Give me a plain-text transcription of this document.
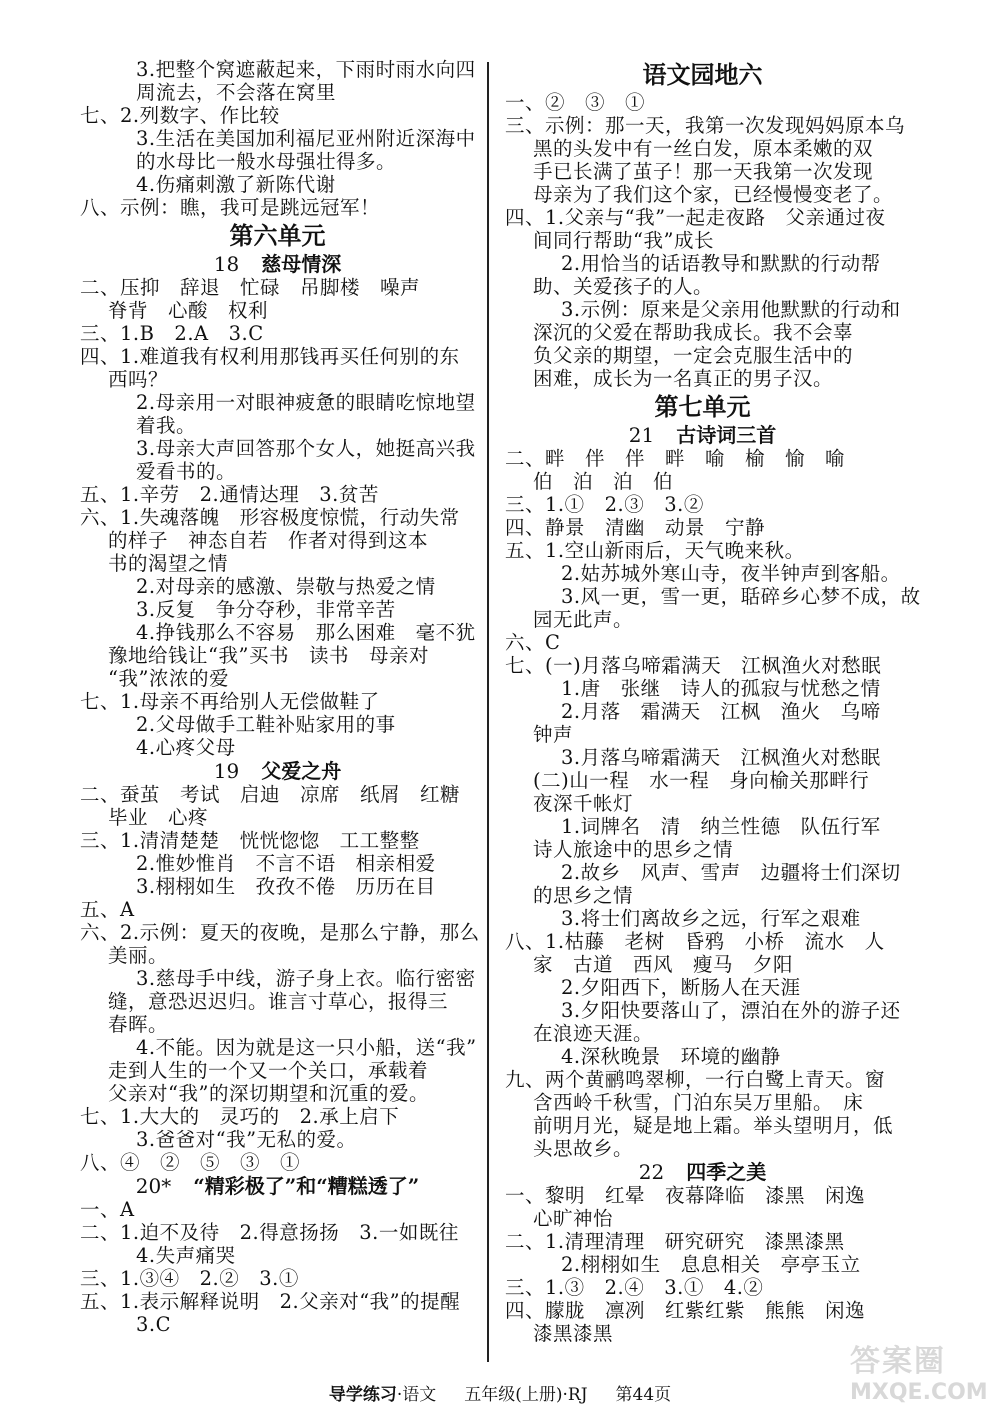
3.把整个窝遮蔽起来，下雨时雨水向四
周流去，不会落在窝里
七、2.列数字、作比较
3.生活在美国加利福尼亚州附近深海中
的水母比一般水母强壮得多。
4.伤痛刺激了新陈代谢
八、示例：瞧，我可是跳远冠军！
第六单元
18 慈母情深
二、压抑　辞退　忙碌　吊脚楼　噪声
脊背　心酸　权利
三、1.B　2.A　3.C
四、1.难道我有权利用那钱再买任何别的东
西吗？
2.母亲用一对眼神疲惫的眼睛吃惊地望
着我。
3.母亲大声回答那个女人，她挺高兴我
爱看书的。
五、1.辛劳　2.通情达理　3.贫苦
六、1.失魂落魄　形容极度惊慌，行动失常
的样子　神态自若　作者对得到这本
书的渴望之情
2.对母亲的感激、崇敬与热爱之情
3.反复　争分夺秒，非常辛苦
4.挣钱那么不容易　那么困难　毫不犹
豫地给钱让“我”买书　读书　母亲对
“我”浓浓的爱
七、1.母亲不再给别人无偿做鞋了
2.父母做手工鞋补贴家用的事
4.心疼父母
19 父爱之舟
二、蚕茧　考试　启迪　凉席　纸屑　红糖
毕业　心疼
三、1.清清楚楚　恍恍惚惚　工工整整
2.惟妙惟肖　不言不语　相亲相爱
3.栩栩如生　孜孜不倦　历历在目
五、A
六、2.示例：夏天的夜晚，是那么宁静，那么
美丽。
3.慈母手中线，游子身上衣。临行密密
缝，意恐迟迟归。谁言寸草心，报得三
春晖。
4.不能。因为就是这一只小船，送“我”
走到人生的一个又一个关口，承载着
父亲对“我”的深切期望和沉重的爱。
七、1.大大的　灵巧的　2.承上启下
3.爸爸对“我”无私的爱。
八、④　②　⑤　③　①
20* “精彩极了”和“糟糕透了”
一、A
二、1.迫不及待　2.得意扬扬　3.一如既往
4.失声痛哭
三、1.③④　2.②　3.①
五、1.表示解释说明　2.父亲对“我”的提醒
3.C
语文园地六
一、②　③　①
三、示例：那一天，我第一次发现妈妈原本乌
黑的头发中有一丝白发，原本柔嫩的双
手已长满了茧子！那一天我第一次发现
母亲为了我们这个家，已经慢慢变老了。
四、1.父亲与“我”一起走夜路　父亲通过夜
间同行帮助“我”成长
2.用恰当的话语教导和默默的行动帮
助、关爱孩子的人。
3.示例：原来是父亲用他默默的行动和
深沉的父爱在帮助我成长。我不会辜
负父亲的期望，一定会克服生活中的
困难，成长为一名真正的男子汉。
第七单元
21 古诗词三首
二、畔　伴　伴　畔　喻　榆　愉　喻
伯　泊　泊　伯
三、1.①　2.③　3.②
四、静景　清幽　动景　宁静
五、1.空山新雨后，天气晚来秋。
2.姑苏城外寒山寺，夜半钟声到客船。
3.风一更，雪一更，聒碎乡心梦不成，故
园无此声。
六、C
七、(一)月落乌啼霜满天　江枫渔火对愁眠
1.唐　张继　诗人的孤寂与忧愁之情
2.月落　霜满天　江枫　渔火　乌啼
钟声
3.月落乌啼霜满天　江枫渔火对愁眠
(二)山一程　水一程　身向榆关那畔行
夜深千帐灯
1.词牌名　清　纳兰性德　队伍行军
诗人旅途中的思乡之情
2.故乡　风声、雪声　边疆将士们深切
的思乡之情
3.将士们离故乡之远，行军之艰难
八、1.枯藤　老树　昏鸦　小桥　流水　人
家　古道　西风　瘦马　夕阳
2.夕阳西下，断肠人在天涯
3.夕阳快要落山了，漂泊在外的游子还
在浪迹天涯。
4.深秋晚景　环境的幽静
九、两个黄鹂鸣翠柳，一行白鹭上青天。窗
含西岭千秋雪，门泊东吴万里船。　床
前明月光，疑是地上霜。举头望明月，低
头思故乡。
22 四季之美
一、黎明　红晕　夜幕降临　漆黑　闲逸
心旷神怡
二、1.清理清理　研究研究　漆黑漆黑
2.栩栩如生　息息相关　亭亭玉立
三、1.③　2.④　3.①　4.②
四、朦胧　凛冽　红紫红紫　熊熊　闲逸
漆黑漆黑
导学练习·语文 五年级(上册)·RJ 第44页
答案圈
MXQE.COM
